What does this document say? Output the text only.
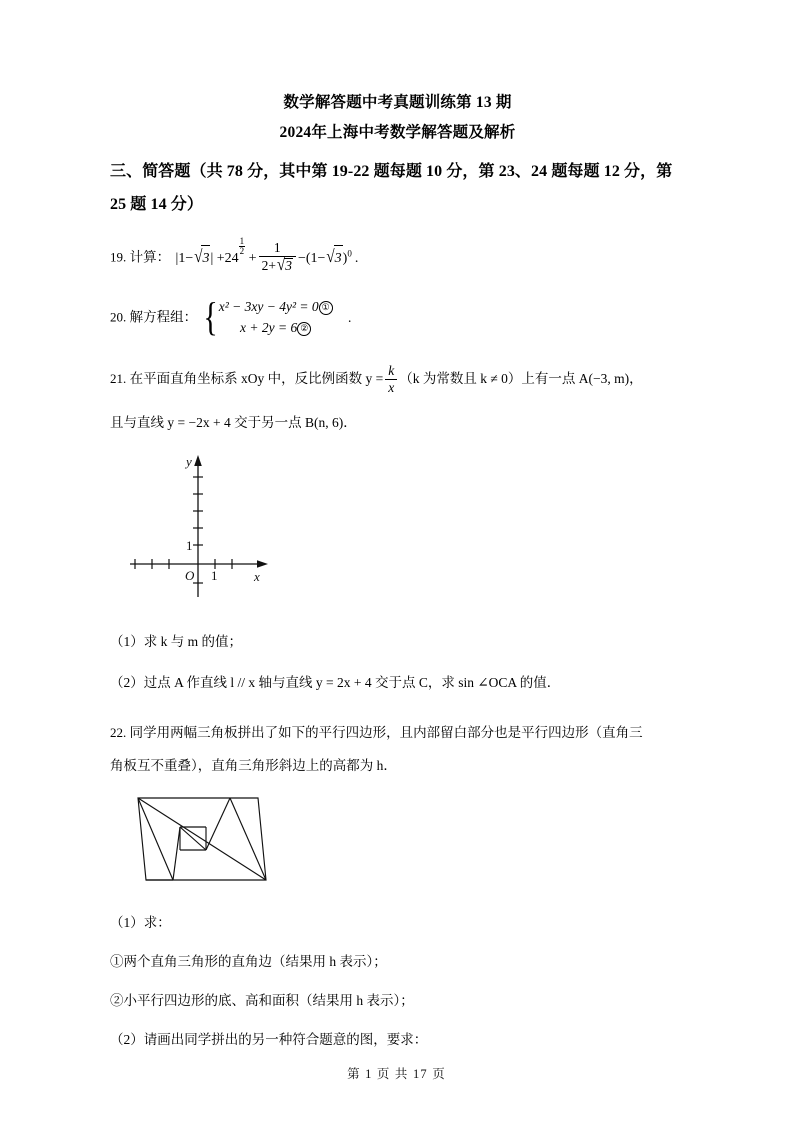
数学解答题中考真题训练第 13 期
2024年上海中考数学解答题及解析
三、简答题（共 78 分，其中第 19-22 题每题 10 分，第 23、24 题每题 12 分，第 25 题 14 分）
19. 计算： |1−√3| +24
$\frac{1}{2}$
+ $\frac{1}{2+√3} -(1-√3)^0$ .
20. 解方程组： { x² − 3xy − 4y² = 0 ①
x + 2y = 6 ②
.
21. 在平面直角坐标系 xOy 中，反比例函数 $y = \frac{k}{x} (k$ 为常数且 k ≠ 0）上有一点 A(−3, m)，
且与直线 y = −2x + 4 交于另一点 B(n, 6)．
1
1
O	x
y
（1）求 k 与 m 的值；
（2）过点 A 作直线 l // x 轴与直线 y = 2x + 4 交于点 C，求 sin ∠OCA 的值．
22. 同学用两幅三角板拼出了如下的平行四边形，且内部留白部分也是平行四边形（直角三
角板互不重叠），直角三角形斜边上的高都为 h．
（1）求：
①两个直角三角形的直角边（结果用 h 表示）；
②小平行四边形的底、高和面积（结果用 h 表示）；
（2）请画出同学拼出的另一种符合题意的图，要求：
第 1 页 共 17 页
